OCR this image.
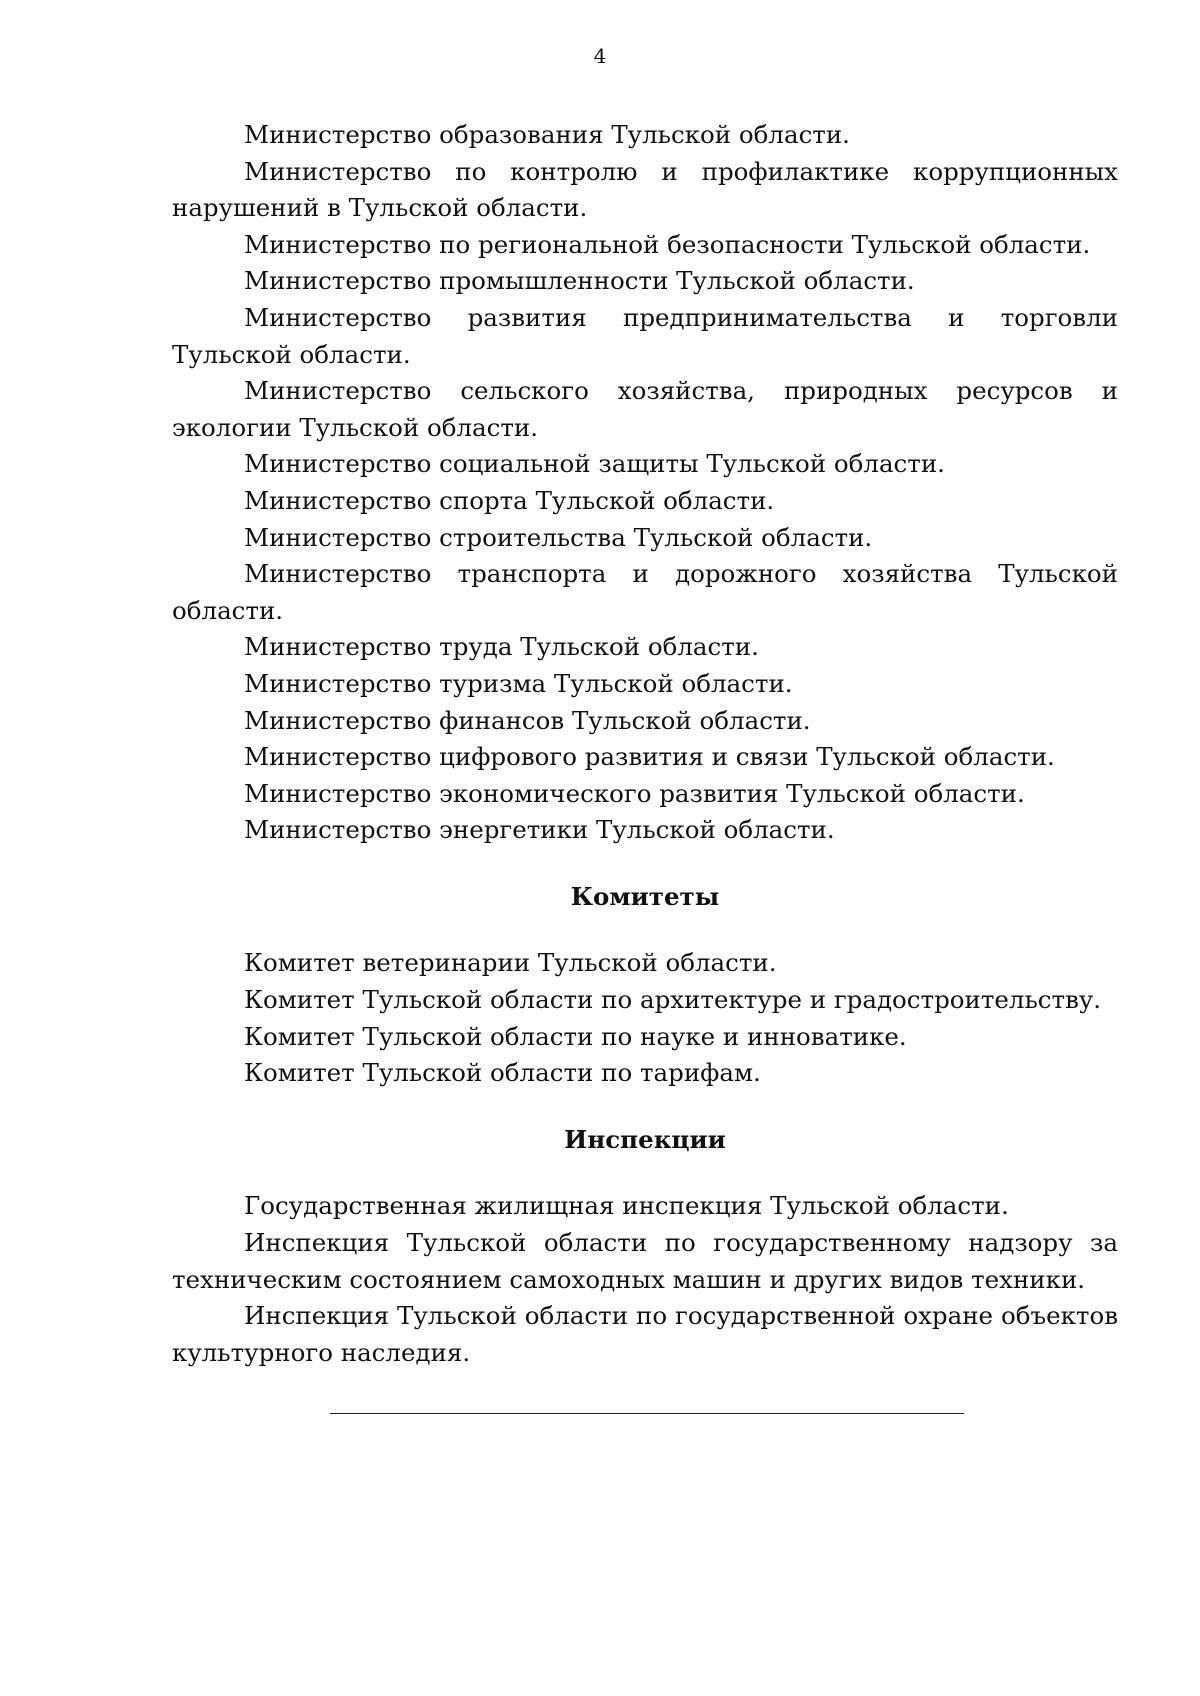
4

Министерство образования Тульской области.

Министерство по контролю и профилактике коррупционных нарушений в Тульской области.

Министерство по региональной безопасности Тульской области.

Министерство промышленности Тульской области.

Министерство развития предпринимательства и торговли Тульской области.

Министерство сельского хозяйства, природных ресурсов и экологии Тульской области.

Министерство социальной защиты Тульской области.

Министерство спорта Тульской области.

Министерство строительства Тульской области.

Министерство транспорта и дорожного хозяйства Тульской области.

Министерство труда Тульской области.

Министерство туризма Тульской области.

Министерство финансов Тульской области.

Министерство цифрового развития и связи Тульской области.

Министерство экономического развития Тульской области.

Министерство энергетики Тульской области.

Комитеты

Комитет ветеринарии Тульской области.

Комитет Тульской области по архитектуре и градостроительству.

Комитет Тульской области по науке и инноватике.

Комитет Тульской области по тарифам.

Инспекции

Государственная жилищная инспекция Тульской области.

Инспекция Тульской области по государственному надзору за техническим состоянием самоходных машин и других видов техники.

Инспекция Тульской области по государственной охране объектов культурного наследия.
